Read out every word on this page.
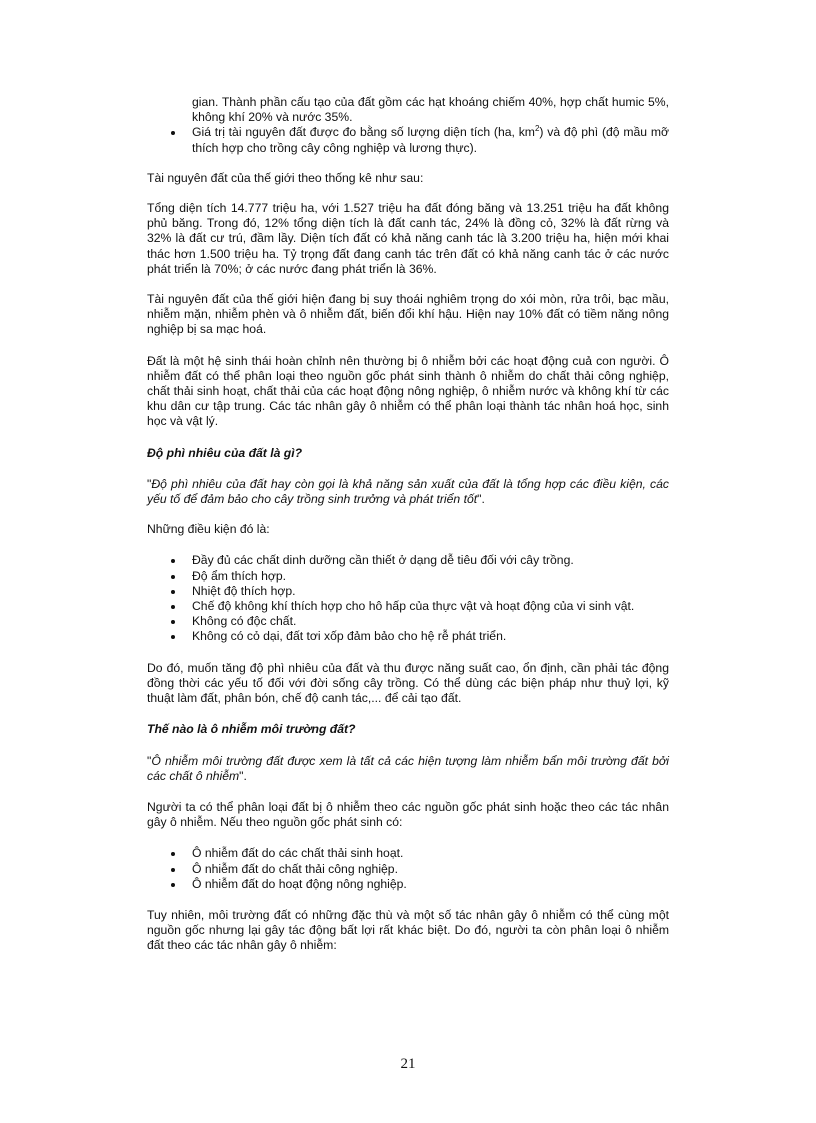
gian. Thành phần cấu tạo của đất gồm các hạt khoáng chiếm 40%, hợp chất humic 5%, không khí 20% và nước 35%.

Giá trị tài nguyên đất được đo bằng số lượng diện tích (ha, $km^2$) và độ phì (độ mầu mỡ thích hợp cho trồng cây công nghiệp và lương thực).

Tài nguyên đất của thế giới theo thống kê như sau:

Tổng diện tích 14.777 triệu ha, với 1.527 triệu ha đất đóng băng và 13.251 triệu ha đất không phủ băng. Trong đó, 12% tổng diện tích là đất canh tác, 24% là đồng cỏ, 32% là đất rừng và 32% là đất cư trú, đầm lầy. Diện tích đất có khả năng canh tác là 3.200 triệu ha, hiện mới khai thác hơn 1.500 triệu ha. Tỷ trọng đất đang canh tác trên đất có khả năng canh tác ở các nước phát triển là 70%; ở các nước đang phát triển là 36%.

Tài nguyên đất của thế giới hiện đang bị suy thoái nghiêm trọng do xói mòn, rửa trôi, bạc mầu, nhiễm mặn, nhiễm phèn và ô nhiễm đất, biến đổi khí hậu. Hiện nay 10% đất có tiềm năng nông nghiệp bị sa mạc hoá.

Đất là một hệ sinh thái hoàn chỉnh nên thường bị ô nhiễm bởi các hoạt động cuả con người. Ô nhiễm đất có thể phân loại theo nguồn gốc phát sinh thành ô nhiễm do chất thải công nghiệp, chất thải sinh hoạt, chất thải của các hoạt động nông nghiệp, ô nhiễm nước và không khí từ các khu dân cư tập trung. Các tác nhân gây ô nhiễm có thể phân loại thành tác nhân hoá học, sinh học và vật lý.

Độ phì nhiêu của đất là gì?

"Độ phì nhiêu của đất hay còn gọi là khả năng sản xuất của đất là tổng hợp các điều kiện, các yếu tố để đảm bảo cho cây trồng sinh trưởng và phát triển tốt".

Những điều kiện đó là:

Đầy đủ các chất dinh dưỡng cần thiết ở dạng dễ tiêu đối với cây trồng.
Độ ẩm thích hợp.
Nhiệt độ thích hợp.
Chế độ không khí thích hợp cho hô hấp của thực vật và hoạt động của vi sinh vật.
Không có độc chất.
Không có cỏ dại, đất tơi xốp đảm bảo cho hệ rễ phát triển.

Do đó, muốn tăng độ phì nhiêu của đất và thu được năng suất cao, ổn định, cần phải tác động đồng thời các yếu tố đối với đời sống cây trồng. Có thể dùng các biện pháp như thuỷ lợi, kỹ thuật làm đất, phân bón, chế độ canh tác,... để cải tạo đất.

Thế nào là ô nhiễm môi trường đất?

"Ô nhiễm môi trường đất được xem là tất cả các hiện tượng làm nhiễm bẩn môi trường đất bởi các chất ô nhiễm".

Người ta có thể phân loại đất bị ô nhiễm theo các nguồn gốc phát sinh hoặc theo các tác nhân gây ô nhiễm. Nếu theo nguồn gốc phát sinh có:

Ô nhiễm đất do các chất thải sinh hoạt.
Ô nhiễm đất do chất thải công nghiệp.
Ô nhiễm đất do hoạt động nông nghiệp.

Tuy nhiên, môi trường đất có những đặc thù và một số tác nhân gây ô nhiễm có thể cùng một nguồn gốc nhưng lại gây tác động bất lợi rất khác biệt. Do đó, người ta còn phân loại ô nhiễm đất theo các tác nhân gây ô nhiễm:

21
